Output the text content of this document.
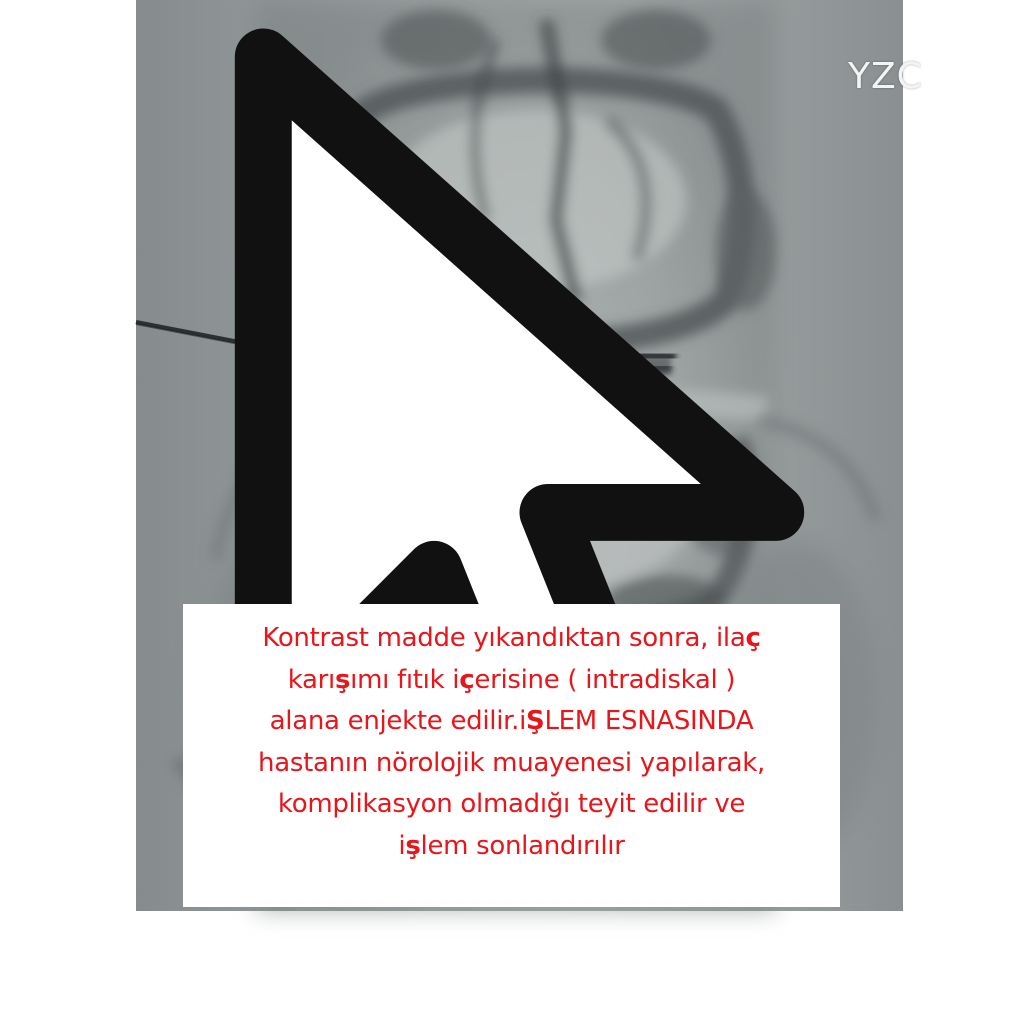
YZC
Kontrast madde yıkandıktan sonra, ilaç
karışımı fıtık içerisine ( intradiskal )
alana enjekte edilir.iŞLEM ESNASINDA
hastanın nörolojik muayenesi yapılarak,
komplikasyon olmadığı teyit edilir ve
işlem sonlandırılır
